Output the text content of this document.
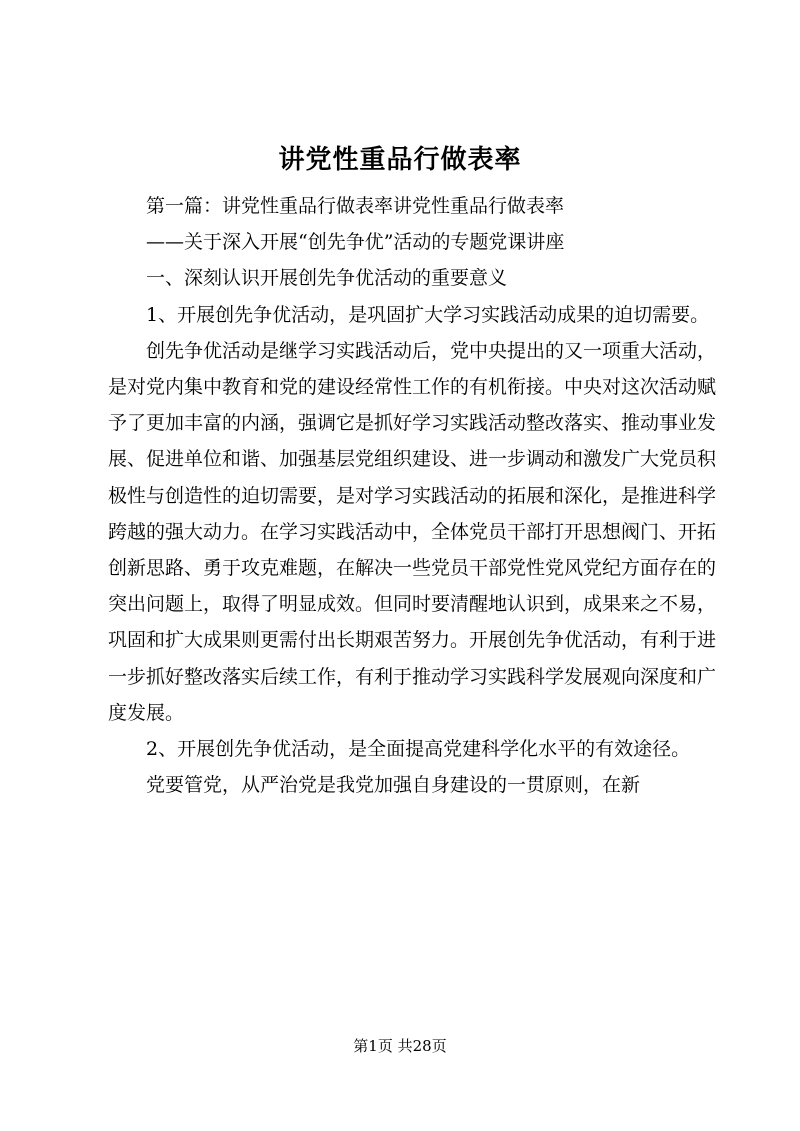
讲党性重品行做表率

第一篇：讲党性重品行做表率讲党性重品行做表率

——关于深入开展“创先争优”活动的专题党课讲座

一、深刻认识开展创先争优活动的重要意义

1、开展创先争优活动，是巩固扩大学习实践活动成果的迫切需要。

创先争优活动是继学习实践活动后，党中央提出的又一项重大活动，是对党内集中教育和党的建设经常性工作的有机衔接。中央对这次活动赋予了更加丰富的内涵，强调它是抓好学习实践活动整改落实、推动事业发展、促进单位和谐、加强基层党组织建设、进一步调动和激发广大党员积极性与创造性的迫切需要，是对学习实践活动的拓展和深化，是推进科学跨越的强大动力。在学习实践活动中，全体党员干部打开思想阀门、开拓创新思路、勇于攻克难题，在解决一些党员干部党性党风党纪方面存在的突出问题上，取得了明显成效。但同时要清醒地认识到，成果来之不易，巩固和扩大成果则更需付出长期艰苦努力。开展创先争优活动，有利于进一步抓好整改落实后续工作，有利于推动学习实践科学发展观向深度和广度发展。

2、开展创先争优活动，是全面提高党建科学化水平的有效途径。

党要管党，从严治党是我党加强自身建设的一贯原则，在新

第1页 共28页
